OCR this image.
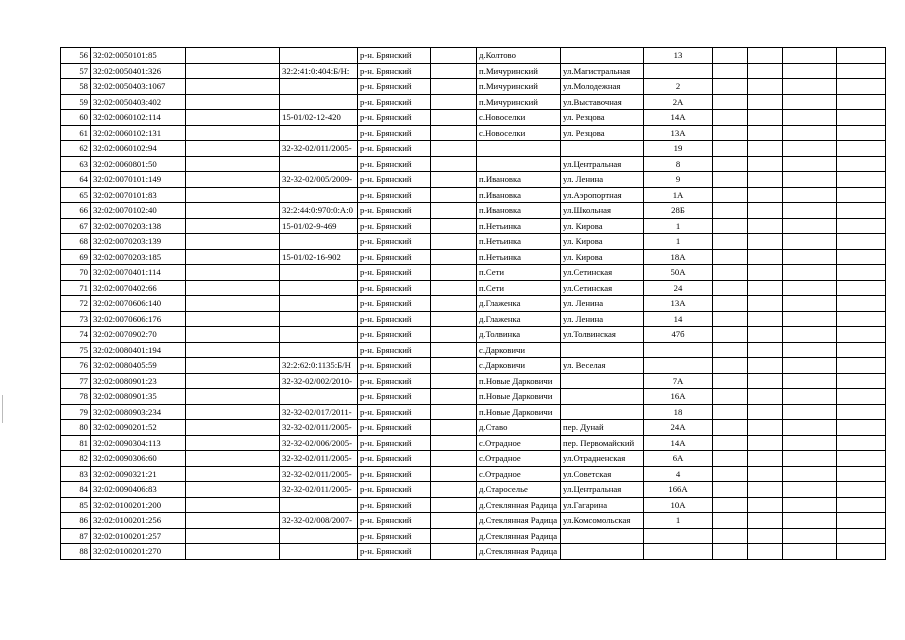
56	32:02:0050101:85			р-н. Брянский		д.Колтово		13				
57	32:02:0050401:326		32:2:41:0:404:Б/Н:	р-н. Брянский		п.Мичуринский	ул.Магистральная					
58	32:02:0050403:1067			р-н. Брянский		п.Мичуринский	ул.Молодежная	2				
59	32:02:0050403:402			р-н. Брянский		п.Мичуринский	ул.Выставочная	2А				
60	32:02:0060102:114		15-01/02-12-420	р-н. Брянский		с.Новоселки	ул. Резцова	14А				
61	32:02:0060102:131			р-н. Брянский		с.Новоселки	ул. Резцова	13А				
62	32:02:0060102:94		32-32-02/011/2005-	р-н. Брянский				19				
63	32:02:0060801:50			р-н. Брянский			ул.Центральная	8				
64	32:02:0070101:149		32-32-02/005/2009-	р-н. Брянский		п.Ивановка	ул. Ленина	9				
65	32:02:0070101:83			р-н. Брянский		п.Ивановка	ул.Аэропортная	1А				
66	32:02:0070102:40		32:2:44:0:970:0:А:0	р-н. Брянский		п.Ивановка	ул.Школьная	28Б				
67	32:02:0070203:138		15-01/02-9-469	р-н. Брянский		п.Нетьинка	ул. Кирова	1				
68	32:02:0070203:139			р-н. Брянский		п.Нетьинка	ул. Кирова	1				
69	32:02:0070203:185		15-01/02-16-902	р-н. Брянский		п.Нетьинка	ул. Кирова	18А				
70	32:02:0070401:114			р-н. Брянский		п.Сети	ул.Сетинская	50А				
71	32:02:0070402:66			р-н. Брянский		п.Сети	ул.Сетинская	24				
72	32:02:0070606:140			р-н. Брянский		д.Глаженка	ул. Ленина	13А				
73	32:02:0070606:176			р-н. Брянский		д.Глаженка	ул. Ленина	14				
74	32:02:0070902:70			р-н. Брянский		д.Толвинка	ул.Толвинская	47б				
75	32:02:0080401:194			р-н. Брянский		с.Дарковичи						
76	32:02:0080405:59		32:2:62:0:1135:Б/Н	р-н. Брянский		с.Дарковичи	ул. Веселая					
77	32:02:0080901:23		32-32-02/002/2010-	р-н. Брянский		п.Новые Дарковичи		7А				
78	32:02:0080901:35			р-н. Брянский		п.Новые Дарковичи		16А				
79	32:02:0080903:234		32-32-02/017/2011-	р-н. Брянский		п.Новые Дарковичи		18				
80	32:02:0090201:52		32-32-02/011/2005-	р-н. Брянский		д.Ставо	пер. Дунай	24А				
81	32:02:0090304:113		32-32-02/006/2005-	р-н. Брянский		с.Отрадное	пер. Первомайский	14А				
82	32:02:0090306:60		32-32-02/011/2005-	р-н. Брянский		с.Отрадное	ул.Отрадненская	6А				
83	32:02:0090321:21		32-32-02/011/2005-	р-н. Брянский		с.Отрадное	ул.Советская	4				
84	32:02:0090406:83		32-32-02/011/2005-	р-н. Брянский		д.Староселье	ул.Центральная	166А				
85	32:02:0100201:200			р-н. Брянский		д.Стеклянная Радица	ул.Гагарина	10А				
86	32:02:0100201:256		32-32-02/008/2007-	р-н. Брянский		д.Стеклянная Радица	ул.Комсомольская	1				
87	32:02:0100201:257			р-н. Брянский		д.Стеклянная Радица						
88	32:02:0100201:270			р-н. Брянский		д.Стеклянная Радица						
